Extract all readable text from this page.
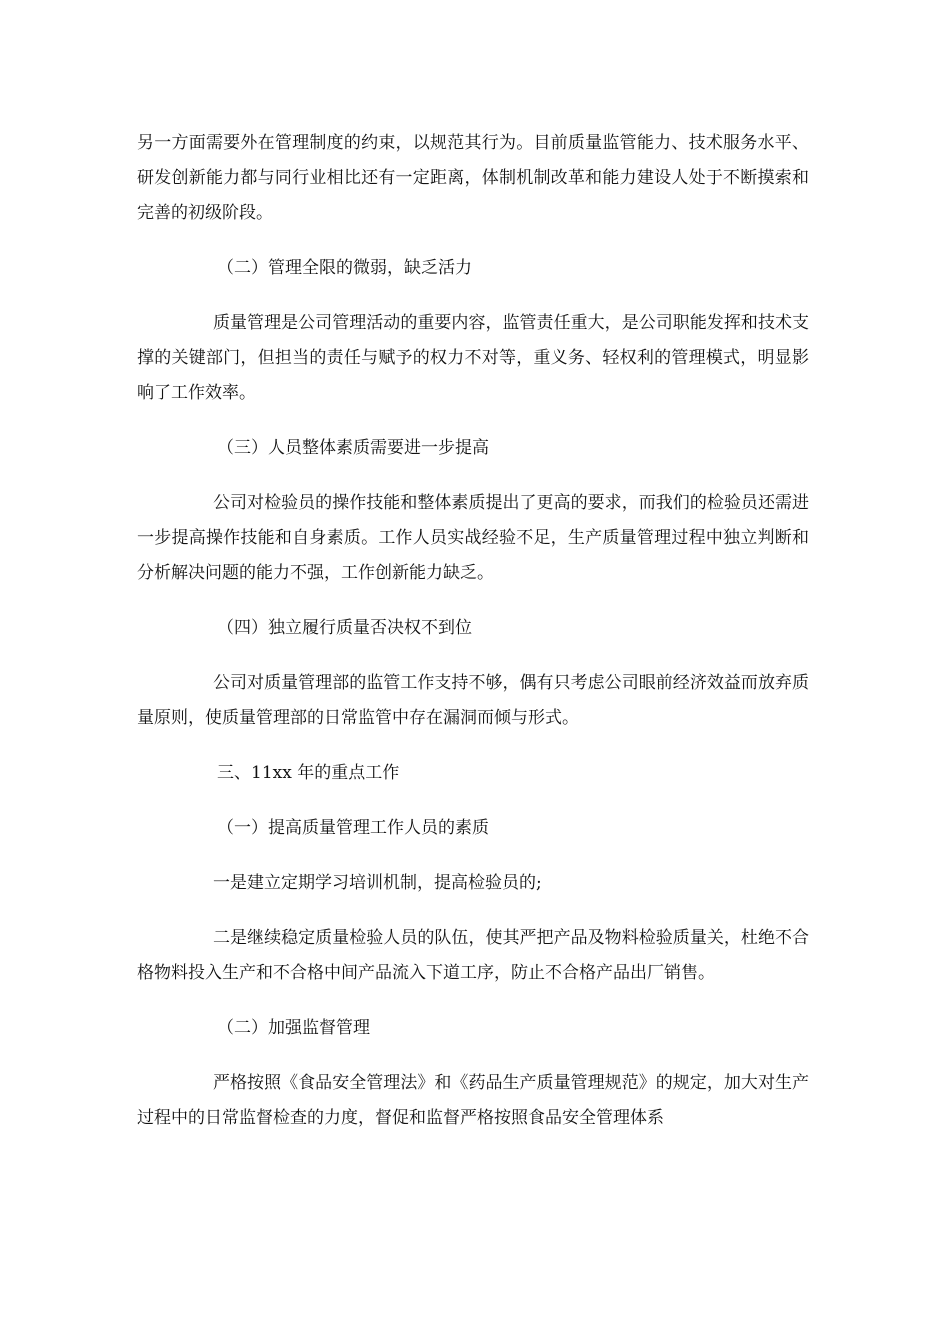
另一方面需要外在管理制度的约束，以规范其行为。目前质量监管能力、技术服务水平、研发创新能力都与同行业相比还有一定距离，体制机制改革和能力建设人处于不断摸索和完善的初级阶段。

（二）管理全限的微弱，缺乏活力

质量管理是公司管理活动的重要内容，监管责任重大，是公司职能发挥和技术支撑的关键部门，但担当的责任与赋予的权力不对等，重义务、轻权利的管理模式，明显影响了工作效率。

（三）人员整体素质需要进一步提高

公司对检验员的操作技能和整体素质提出了更高的要求，而我们的检验员还需进一步提高操作技能和自身素质。工作人员实战经验不足，生产质量管理过程中独立判断和分析解决问题的能力不强，工作创新能力缺乏。

（四）独立履行质量否决权不到位

公司对质量管理部的监管工作支持不够，偶有只考虑公司眼前经济效益而放弃质量原则，使质量管理部的日常监管中存在漏洞而倾与形式。

三、11xx 年的重点工作

（一）提高质量管理工作人员的素质

一是建立定期学习培训机制，提高检验员的;

二是继续稳定质量检验人员的队伍，使其严把产品及物料检验质量关，杜绝不合格物料投入生产和不合格中间产品流入下道工序，防止不合格产品出厂销售。

（二）加强监督管理

严格按照《食品安全管理法》和《药品生产质量管理规范》的规定，加大对生产过程中的日常监督检查的力度，督促和监督严格按照食品安全管理体系
